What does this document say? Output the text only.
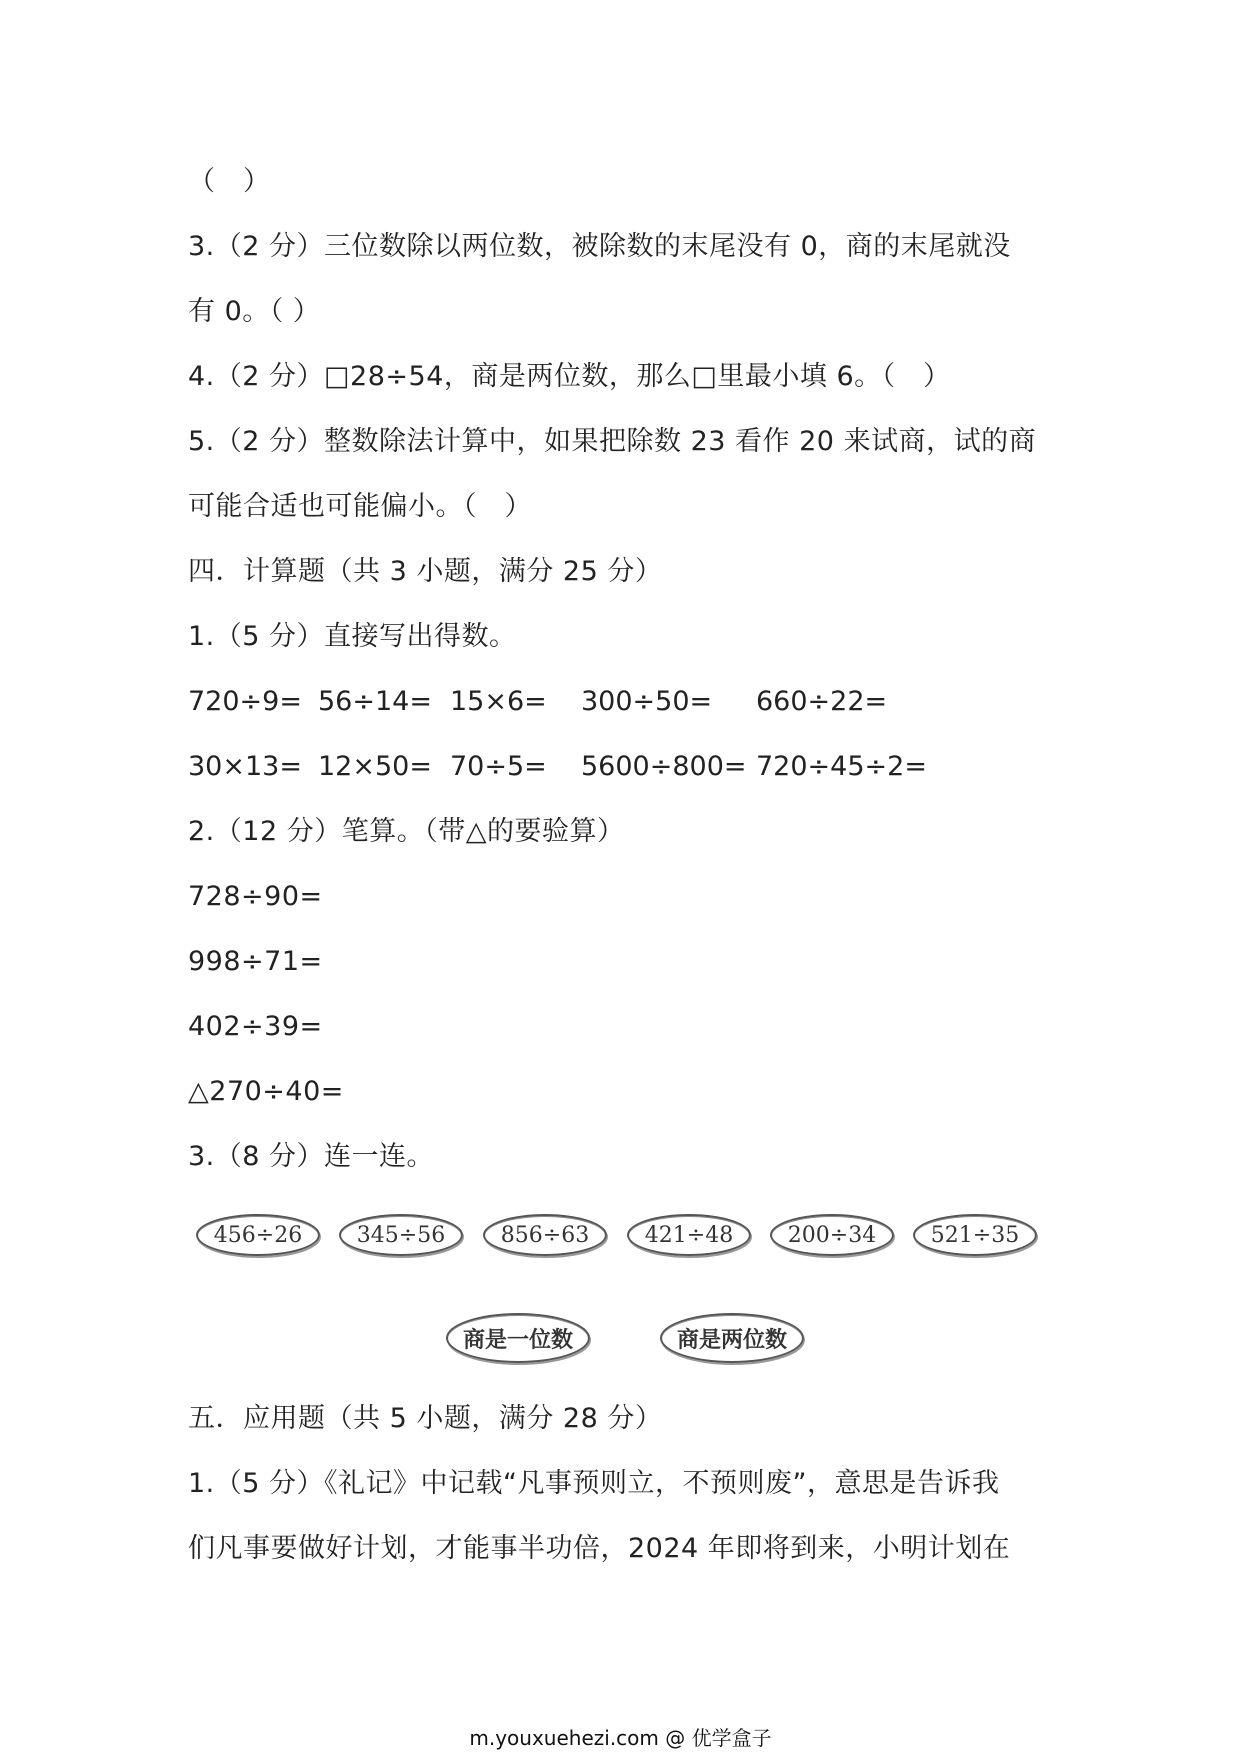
（　）
3.（2 分）三位数除以两位数，被除数的末尾没有 0，商的末尾就没
有 0。（ ）
4.（2 分）□28÷54，商是两位数，那么□里最小填 6。（　）
5.（2 分）整数除法计算中，如果把除数 23 看作 20 来试商，试的商
可能合适也可能偏小。（　）
四．计算题（共 3 小题，满分 25 分）
1.（5 分）直接写出得数。
720÷9= 56÷14= 15×6= 300÷50= 660÷22=
30×13= 12×50= 70÷5= 5600÷800= 720÷45÷2=
2.（12 分）笔算。（带△的要验算）
728÷90=
998÷71=
402÷39=
△270÷40=
3.（8 分）连一连。
456÷26	345÷56	856÷63	421÷48	200÷34	521÷35
商是一位数	商是两位数
五．应用题（共 5 小题，满分 28 分）
1.（5 分）《礼记》中记载“凡事预则立，不预则废”，意思是告诉我
们凡事要做好计划，才能事半功倍，2024 年即将到来，小明计划在
m.youxuehezi.com @ 优学盒子
